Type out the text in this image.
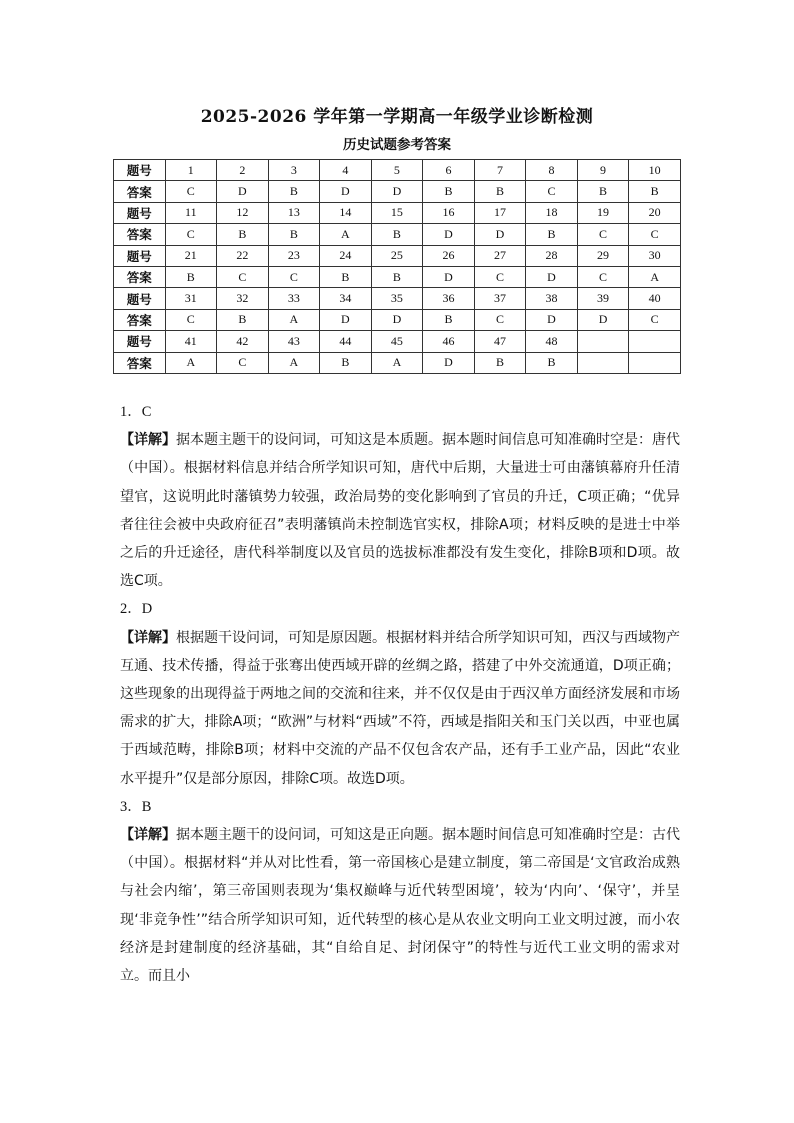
2025-2026 学年第一学期高一年级学业诊断检测
历史试题参考答案
题号	1	2	3	4	5	6	7	8	9	10
答案	C	D	B	D	D	B	B	C	B	B
题号	11	12	13	14	15	16	17	18	19	20
答案	C	B	B	A	B	D	D	B	C	C
题号	21	22	23	24	25	26	27	28	29	30
答案	B	C	C	B	B	D	C	D	C	A
题号	31	32	33	34	35	36	37	38	39	40
答案	C	B	A	D	D	B	C	D	D	C
题号	41	42	43	44	45	46	47	48		
答案	A	C	A	B	A	D	B	B		
1．C
【详解】据本题主题干的设问词，可知这是本质题。据本题时间信息可知准确时空是：唐代（中国）。根据材料信息并结合所学知识可知，唐代中后期，大量进士可由藩镇幕府升任清望官，这说明此时藩镇势力较强，政治局势的变化影响到了官员的升迁，C项正确；“优异者往往会被中央政府征召”表明藩镇尚未控制选官实权，排除A项；材料反映的是进士中举之后的升迁途径，唐代科举制度以及官员的选拔标准都没有发生变化，排除B项和D项。故选C项。
2．D
【详解】根据题干设问词，可知是原因题。根据材料并结合所学知识可知，西汉与西域物产互通、技术传播，得益于张骞出使西域开辟的丝绸之路，搭建了中外交流通道，D项正确；这些现象的出现得益于两地之间的交流和往来，并不仅仅是由于西汉单方面经济发展和市场需求的扩大，排除A项；“欧洲”与材料“西域”不符，西域是指阳关和玉门关以西，中亚也属于西域范畴，排除B项；材料中交流的产品不仅包含农产品，还有手工业产品，因此“农业水平提升”仅是部分原因，排除C项。故选D项。
3．B
【详解】据本题主题干的设问词，可知这是正向题。据本题时间信息可知准确时空是：古代（中国）。根据材料“并从对比性看，第一帝国核心是建立制度，第二帝国是‘文官政治成熟与社会内缩’，第三帝国则表现为‘集权巅峰与近代转型困境’，较为‘内向’、‘保守’，并呈现‘非竞争性’”结合所学知识可知，近代转型的核心是从农业文明向工业文明过渡，而小农经济是封建制度的经济基础，其“自给自足、封闭保守”的特性与近代工业文明的需求对立。而且小
